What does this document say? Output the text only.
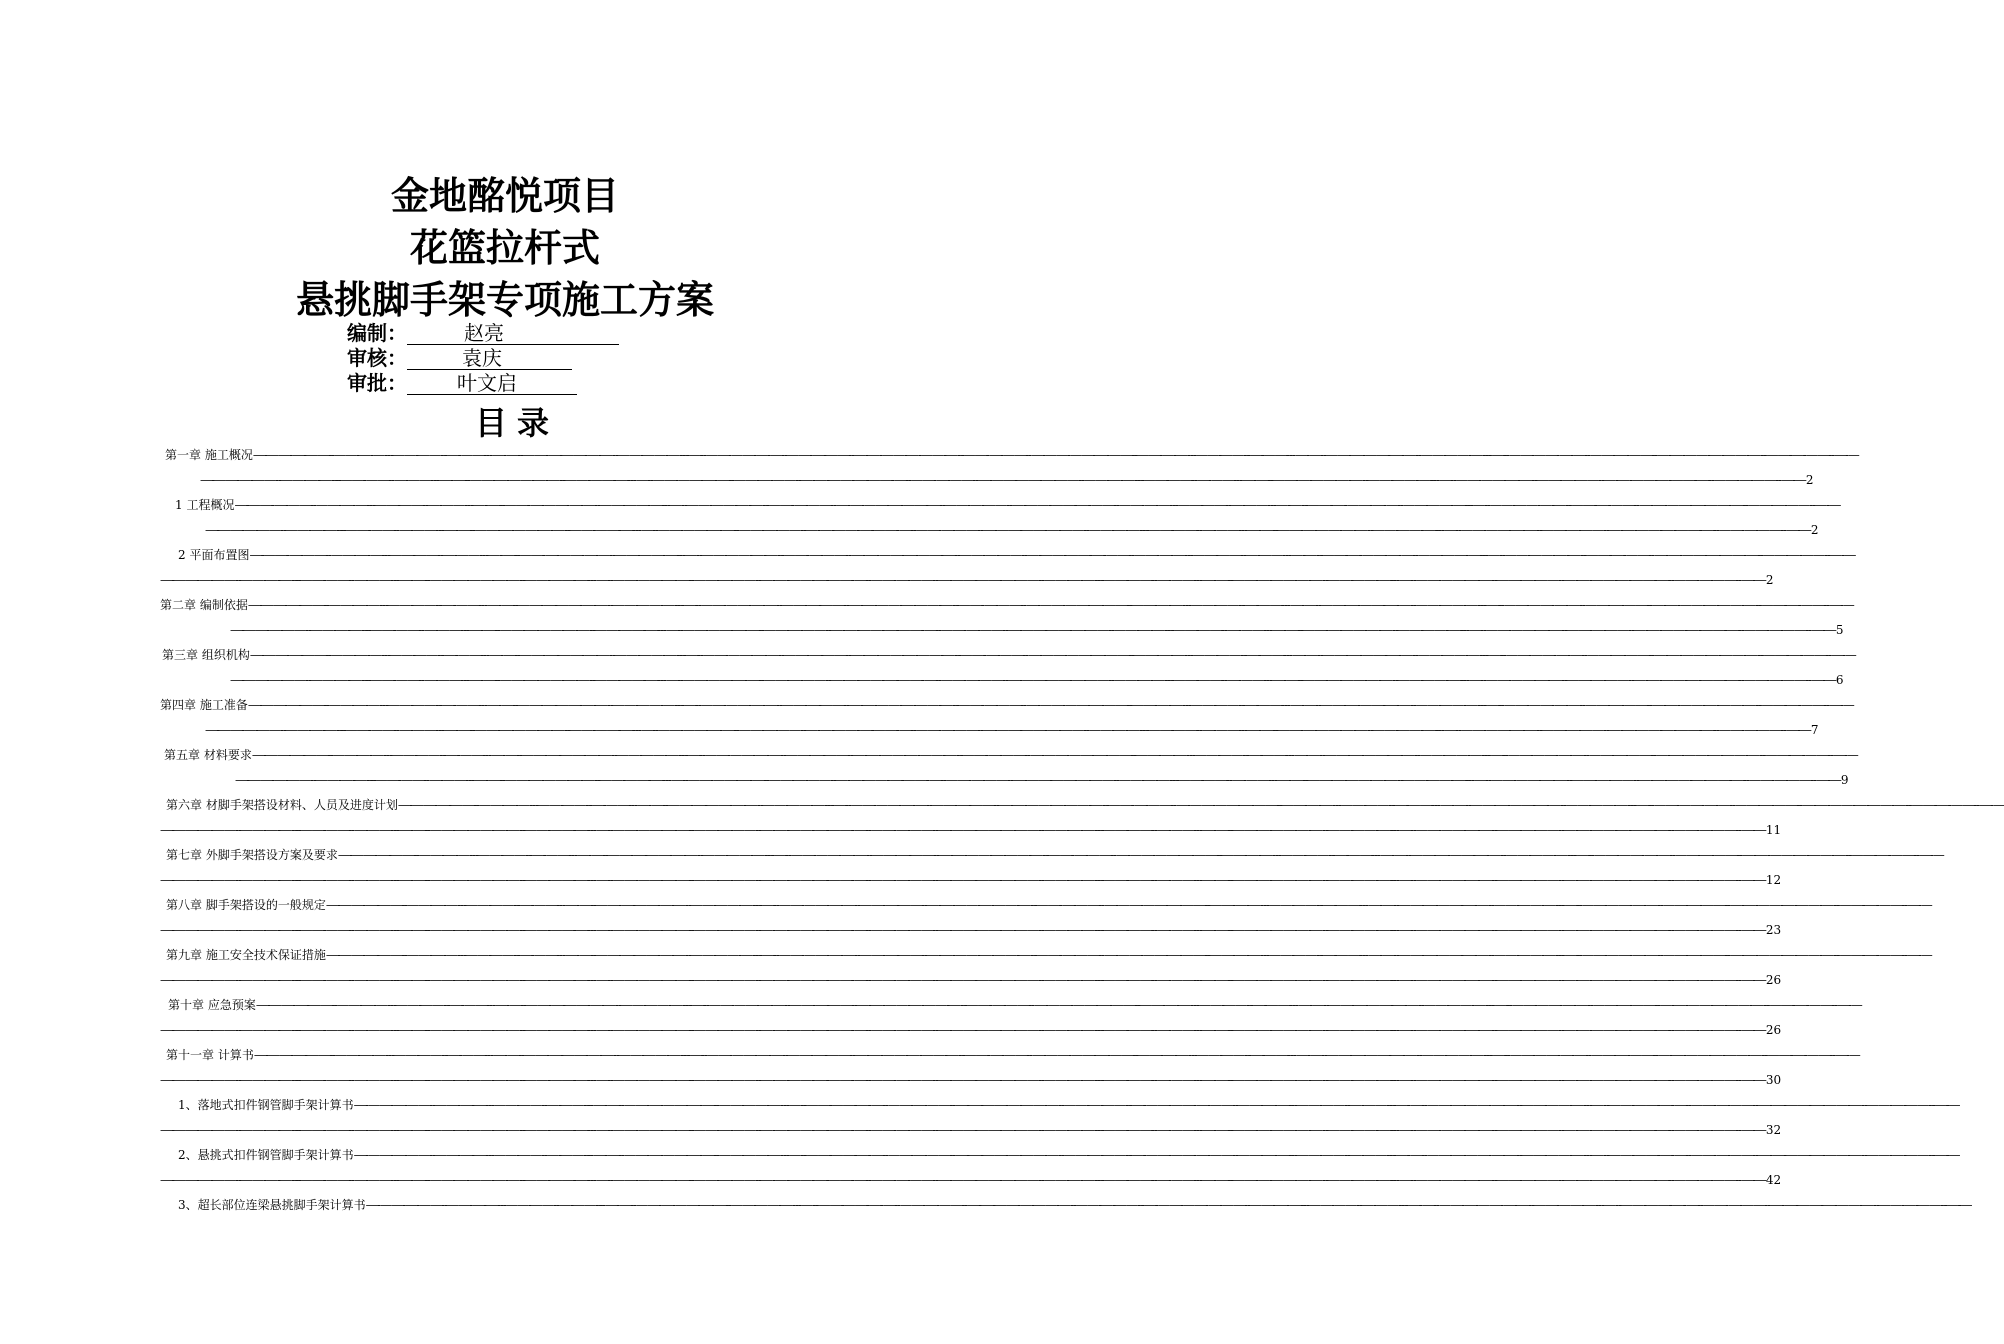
金地酩悦项目
花篮拉杆式
悬挑脚手架专项施工方案
编制：	赵亮
审核：	袁庆
审批：	叶文启
目录
第一章 施工概况—-——-—-——--——-—-—---——-——--—-——---—-—--——-—-——-—-—--——-——-—---—--——-——-—-—--——-—-——--—-—-——-—-——-—--——-—-——--—-——-——-—-——--——-—-—---——-——--—-——---—-—--——-—-——-—-—--——-——-—---—--——-——-—-—--——-—-——--—-—-——-—-——-—--——-—-——--—-—
—-——-—-——--——-—-—---——-——--—-——---—-—--——-—-——-—-—--——-——-—---—--——-——-—-—--——-—-——--—-—-——-—-——-—--——-—-——--—-——-——-—-——--——-—-—---——-——--—-——---—-—--——-—-——-—-—--——-——-—---—--——-——-—-—--——-—-——--—-—-——-—-——-—--——-—-——--—-— 2
1 工程概况—-——-—-——--——-—-—---——-——--—-——---—-—--——-—-——-—-—--——-——-—---—--——-——-—-—--——-—-——--—-—-——-—-——-—--——-—-——--—-——-——-—-——--——-—-—---——-——--—-——---—-—--——-—-——-—-—--——-——-—---—--——-——-—-—--——-—-——--—-—-——-—-——-—--——-—-——--—-—
—-——-—-——--——-—-—---——-——--—-——---—-—--——-—-——-—-—--——-——-—---—--——-——-—-—--——-—-——--—-—-——-—-——-—--——-—-——--—-——-——-—-——--——-—-—---——-——--—-——---—-—--——-—-——-—-—--——-——-—---—--——-——-—-—--——-—-——--—-—-——-—-——-—--——-—-——--—-— 2
2 平面布置图—-——-—-——--——-—-—---——-——--—-——---—-—--——-—-——-—-—--——-——-—---—--——-——-—-—--——-—-——--—-—-——-—-——-—--——-—-——--—-——-——-—-——--——-—-—---——-——--—-——---—-—--——-—-——-—-—--——-——-—---—--——-——-—-—--——-—-——--—-—-——-—-——-—--——-—-——--—-—
—-——-—-——--——-—-—---——-——--—-——---—-—--——-—-——-—-—--——-——-—---—--——-——-—-—--——-—-——--—-—-——-—-——-—--——-—-——--—-——-——-—-——--——-—-—---——-——--—-——---—-—--——-—-——-—-—--——-——-—---—--——-——-—-—--——-—-——--—-—-——-—-——-—--——-—-——--—-— 2
第二章 编制依据—-——-—-——--——-—-—---——-——--—-——---—-—--——-—-——-—-—--——-——-—---—--——-——-—-—--——-—-——--—-—-——-—-——-—--——-—-——--—-——-——-—-——--——-—-—---——-——--—-——---—-—--——-—-——-—-—--——-——-—---—--——-——-—-—--——-—-——--—-—-——-—-——-—--——-—-——--—-—
—-——-—-——--——-—-—---——-——--—-——---—-—--——-—-——-—-—--——-——-—---—--——-——-—-—--——-—-——--—-—-——-—-——-—--——-—-——--—-——-——-—-——--——-—-—---——-——--—-——---—-—--——-—-——-—-—--——-——-—---—--——-——-—-—--——-—-——--—-—-——-—-——-—--——-—-——--—-— 5
第三章 组织机构—-——-—-——--——-—-—---——-——--—-——---—-—--——-—-——-—-—--——-——-—---—--——-——-—-—--——-—-——--—-—-——-—-——-—--——-—-——--—-——-——-—-——--——-—-—---——-——--—-——---—-—--——-—-——-—-—--——-——-—---—--——-——-—-—--——-—-——--—-—-——-—-——-—--——-—-——--—-—
—-——-—-——--——-—-—---——-——--—-——---—-—--——-—-——-—-—--——-——-—---—--——-——-—-—--——-—-——--—-—-——-—-——-—--——-—-——--—-——-——-—-——--——-—-—---——-——--—-——---—-—--——-—-——-—-—--——-——-—---—--——-——-—-—--——-—-——--—-—-——-—-——-—--——-—-——--—-— 6
第四章 施工准备—-——-—-——--——-—-—---——-——--—-——---—-—--——-—-——-—-—--——-——-—---—--——-——-—-—--——-—-——--—-—-——-—-——-—--——-—-——--—-——-——-—-——--——-—-—---——-——--—-——---—-—--——-—-——-—-—--——-——-—---—--——-——-—-—--——-—-——--—-—-——-—-——-—--——-—-——--—-—
—-——-—-——--——-—-—---——-——--—-——---—-—--——-—-——-—-—--——-——-—---—--——-——-—-—--——-—-——--—-—-——-—-——-—--——-—-——--—-——-——-—-——--——-—-—---——-——--—-——---—-—--——-—-——-—-—--——-——-—---—--——-——-—-—--——-—-——--—-—-——-—-——-—--——-—-——--—-— 7
第五章 材料要求—-——-—-——--——-—-—---——-——--—-——---—-—--——-—-——-—-—--——-——-—---—--——-——-—-—--——-—-——--—-—-——-—-——-—--——-—-——--—-——-——-—-——--——-—-—---——-——--—-——---—-—--——-—-——-—-—--——-——-—---—--——-——-—-—--——-—-——--—-—-——-—-——-—--——-—-——--—-—
—-——-—-——--——-—-—---——-——--—-——---—-—--——-—-——-—-—--——-——-—---—--——-——-—-—--——-—-——--—-—-——-—-——-—--——-—-——--—-——-——-—-——--——-—-—---——-——--—-——---—-—--——-—-——-—-—--——-——-—---—--——-——-—-—--——-—-——--—-—-——-—-——-—--——-—-——--—-— 9
第六章 材脚手架搭设材料、人员及进度计划—-——-—-——--——-—-—---——-——--—-——---—-—--——-—-——-—-—--——-——-—---—--——-——-—-—--——-—-——--—-—-——-—-——-—--——-—-——--—-——-——-—-——--——-—-—---——-——--—-——---—-—--——-—-——-—-—--——-——-—---—--——-——-—-—--——-—-——--—-—-——-—-——-—--——-—-——--—-—
—-——-—-——--——-—-—---——-——--—-——---—-—--——-—-——-—-—--——-——-—---—--——-——-—-—--——-—-——--—-—-——-—-——-—--——-—-——--—-——-——-—-——--——-—-—---——-——--—-——---—-—--——-—-——-—-—--——-——-—---—--——-——-—-—--——-—-——--—-—-——-—-——-—--——-—-——--—-— 11
第七章 外脚手架搭设方案及要求—-——-—-——--——-—-—---——-——--—-——---—-—--——-—-——-—-—--——-——-—---—--——-——-—-—--——-—-——--—-—-——-—-——-—--——-—-——--—-——-——-—-——--——-—-—---——-——--—-——---—-—--——-—-——-—-—--——-——-—---—--——-——-—-—--——-—-——--—-—-——-—-——-—--——-—-——--—-—
—-——-—-——--——-—-—---——-——--—-——---—-—--——-—-——-—-—--——-——-—---—--——-——-—-—--——-—-——--—-—-——-—-——-—--——-—-——--—-——-——-—-——--——-—-—---——-——--—-——---—-—--——-—-——-—-—--——-——-—---—--——-——-—-—--——-—-——--—-—-——-—-——-—--——-—-——--—-— 12
第八章 脚手架搭设的一般规定—-——-—-——--——-—-—---——-——--—-——---—-—--——-—-——-—-—--——-——-—---—--——-——-—-—--——-—-——--—-—-——-—-——-—--——-—-——--—-——-——-—-——--——-—-—---——-——--—-——---—-—--——-—-——-—-—--——-——-—---—--——-——-—-—--——-—-——--—-—-——-—-——-—--——-—-——--—-—
—-——-—-——--——-—-—---——-——--—-——---—-—--——-—-——-—-—--——-——-—---—--——-——-—-—--——-—-——--—-—-——-—-——-—--——-—-——--—-——-——-—-——--——-—-—---——-——--—-——---—-—--——-—-——-—-—--——-——-—---—--——-——-—-—--——-—-——--—-—-——-—-——-—--——-—-——--—-— 23
第九章 施工安全技术保证措施—-——-—-——--——-—-—---——-——--—-——---—-—--——-—-——-—-—--——-——-—---—--——-——-—-—--——-—-——--—-—-——-—-——-—--——-—-——--—-——-——-—-——--——-—-—---——-——--—-——---—-—--——-—-——-—-—--——-——-—---—--——-——-—-—--——-—-——--—-—-——-—-——-—--——-—-——--—-—
—-——-—-——--——-—-—---——-——--—-——---—-—--——-—-——-—-—--——-——-—---—--——-——-—-—--——-—-——--—-—-——-—-——-—--——-—-——--—-——-——-—-——--——-—-—---——-——--—-——---—-—--——-—-——-—-—--——-——-—---—--——-——-—-—--——-—-——--—-—-——-—-——-—--——-—-——--—-— 26
第十章 应急预案—-——-—-——--——-—-—---——-——--—-——---—-—--——-—-——-—-—--——-——-—---—--——-——-—-—--——-—-——--—-—-——-—-——-—--——-—-——--—-——-——-—-——--——-—-—---——-——--—-——---—-—--——-—-——-—-—--——-——-—---—--——-——-—-—--——-—-——--—-—-——-—-——-—--——-—-——--—-—
—-——-—-——--——-—-—---——-——--—-——---—-—--——-—-——-—-—--——-——-—---—--——-——-—-—--——-—-——--—-—-——-—-——-—--——-—-——--—-——-——-—-——--——-—-—---——-——--—-——---—-—--——-—-——-—-—--——-——-—---—--——-——-—-—--——-—-——--—-—-——-—-——-—--——-—-——--—-— 26
第十一章 计算书—-——-—-——--——-—-—---——-——--—-——---—-—--——-—-——-—-—--——-——-—---—--——-——-—-—--——-—-——--—-—-——-—-——-—--——-—-——--—-——-——-—-——--——-—-—---——-——--—-——---—-—--——-—-——-—-—--——-——-—---—--——-——-—-—--——-—-——--—-—-——-—-——-—--——-—-——--—-—
—-——-—-——--——-—-—---——-——--—-——---—-—--——-—-——-—-—--——-——-—---—--——-——-—-—--——-—-——--—-—-——-—-——-—--——-—-——--—-——-——-—-——--——-—-—---——-——--—-——---—-—--——-—-——-—-—--——-——-—---—--——-——-—-—--——-—-——--—-—-——-—-——-—--——-—-——--—-— 30
1、落地式扣件钢管脚手架计算书—-——-—-——--——-—-—---——-——--—-——---—-—--——-—-——-—-—--——-——-—---—--——-——-—-—--——-—-——--—-—-——-—-——-—--——-—-——--—-——-——-—-——--——-—-—---——-——--—-——---—-—--——-—-——-—-—--——-——-—---—--——-——-—-—--——-—-——--—-—-——-—-——-—--——-—-——--—-—
—-——-—-——--——-—-—---——-——--—-——---—-—--——-—-——-—-—--——-——-—---—--——-——-—-—--——-—-——--—-—-——-—-——-—--——-—-——--—-——-——-—-——--——-—-—---——-——--—-——---—-—--——-—-——-—-—--——-——-—---—--——-——-—-—--——-—-——--—-—-——-—-——-—--——-—-——--—-— 32
2、悬挑式扣件钢管脚手架计算书—-——-—-——--——-—-—---——-——--—-——---—-—--——-—-——-—-—--——-——-—---—--——-——-—-—--——-—-——--—-—-——-—-——-—--——-—-——--—-——-——-—-——--——-—-—---——-——--—-——---—-—--——-—-——-—-—--——-——-—---—--——-——-—-—--——-—-——--—-—-——-—-——-—--——-—-——--—-—
—-——-—-——--——-—-—---——-——--—-——---—-—--——-—-——-—-—--——-——-—---—--——-——-—-—--——-—-——--—-—-——-—-——-—--——-—-——--—-——-——-—-——--——-—-—---——-——--—-——---—-—--——-—-——-—-—--——-——-—---—--——-——-—-—--——-—-——--—-—-——-—-——-—--——-—-——--—-— 42
3、超长部位连梁悬挑脚手架计算书—-——-—-——--——-—-—---——-——--—-——---—-—--——-—-——-—-—--——-——-—---—--——-——-—-—--——-—-——--—-—-——-—-——-—--——-—-——--—-——-——-—-——--——-—-—---——-——--—-——---—-—--——-—-——-—-—--——-——-—---—--——-——-—-—--——-—-——--—-—-——-—-——-—--——-—-——--—-—
